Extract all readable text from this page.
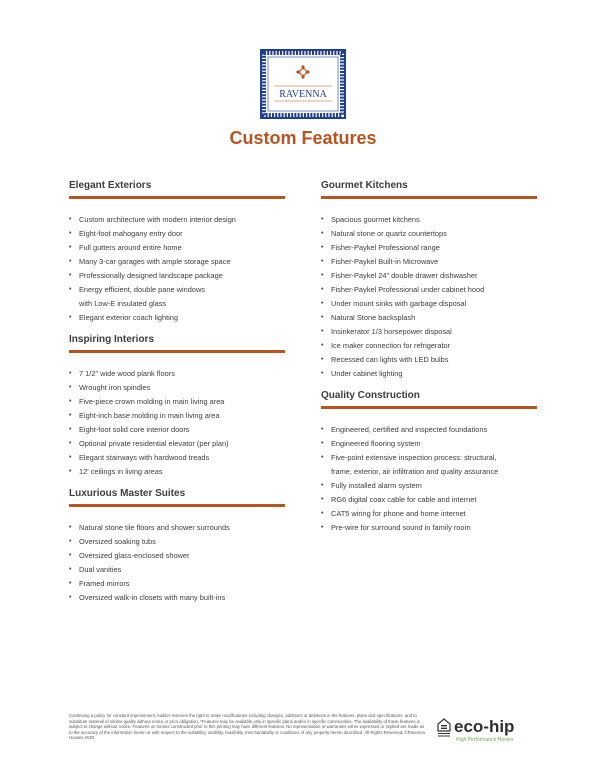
RAVENNA
Custom Features
Elegant Exteriors
• Custom architecture with modern interior design
• Eight-foot mahogany entry door
• Full gutters around entire home
• Many 3-car garages with ample storage space
• Professionally designed landscape package
• Energy efficient, double pane windows
with Low-E insulated glass
• Elegant exterior coach lighting
Inspiring Interiors
• 7 1/2" wide wood plank floors
• Wrought iron spindles
• Five-piece crown molding in main living area
• Eight-inch base molding in main living area
• Eight-foot solid core interior doors
• Optional private residential elevator (per plan)
• Elegant stairways with hardwood treads
• 12' ceilings in living areas
Luxurious Master Suites
• Natural stone tile floors and shower surrounds
• Oversized soaking tubs
• Oversized glass-enclosed shower
• Dual vanities
• Framed mirrors
• Oversized walk-in closets with many built-ins
Gourmet Kitchens
• Spacious gourmet kitchens
• Natural stone or quartz countertops
• Fisher-Paykel Professional range
• Fisher-Paykel Built-in Microwave
• Fisher-Paykel 24" double drawer dishwasher
• Fisher-Paykel Professional under cabinet hood
• Under mount sinks with garbage disposal
• Natural Stone backsplash
• Insinkerator 1/3 horsepower disposal
• Ice maker connection for refrigerator
• Recessed can lights with LED bulbs
• Under cabinet lighting
Quality Construction
• Engineered, certified and inspected foundations
• Engineered flooring system
• Five-point extensive inspection process: structural,
frame, exterior, air infiltration and quality assurance
• Fully installed alarm system
• RG6 digital coax cable for cable and internet
• CAT5 wiring for phone and home internet
• Pre-wire for surround sound in family room
Continuing a policy for constant improvement, builder reserves the right to make modifications including changes, additions or deletions in the features, plans and specifications, and to substitute material of similar quality without notice or prior obligation. *Features may be available only in specific plans and/or in specific communities. The availability of these features is subject to change without notice. Features on homes constructed prior to this printing may have different features. No representation or warranties either expressed or implied are made as to the accuracy of the information herein or with respect to the suitability, usability, feasibility, merchantability or conditions of any property herein described. All Rights Reserved. ©Ravenna Houses 2020
eco-hip
High Performance Homes
